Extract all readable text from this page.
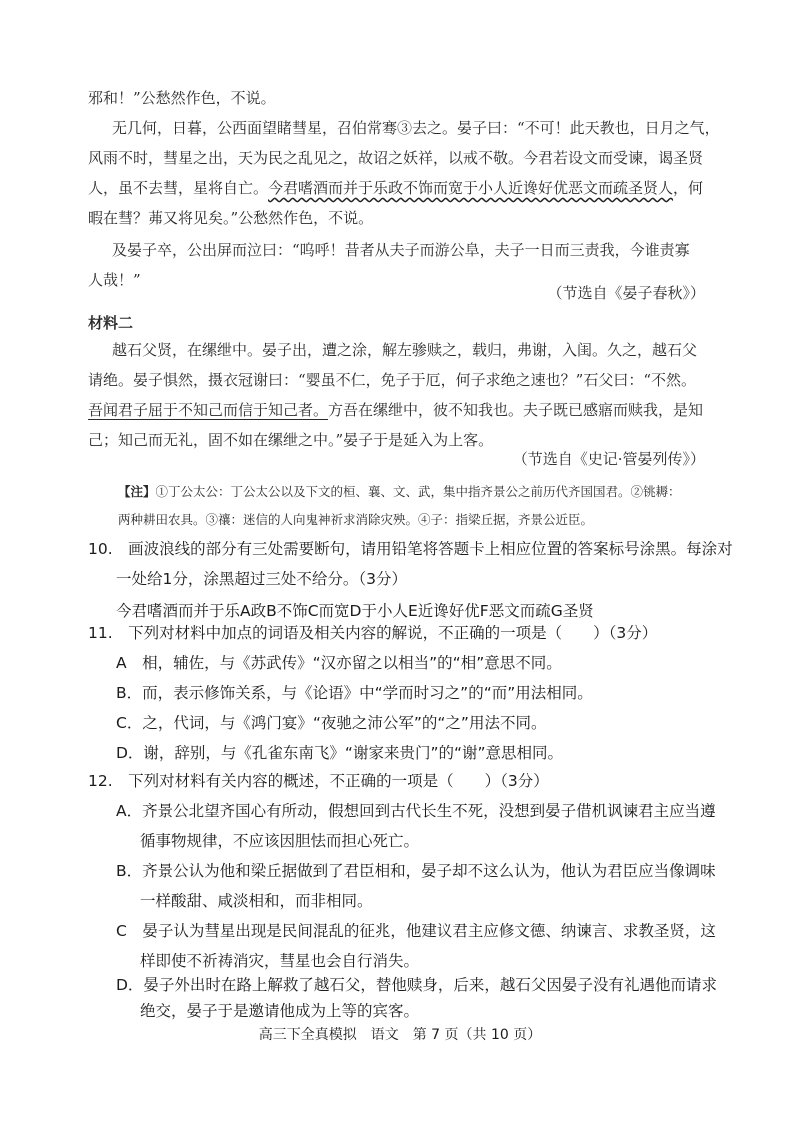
邪和！”公愁然作色，不说。
无几何，日暮，公西面望睹彗星，召伯常骞③去之。晏子曰：“不可！此天教也，日月之气，
风雨不时，彗星之出，天为民之乱见之，故诏之妖祥，以戒不敬。今君若设文而受谏，谒圣贤
人，虽不去彗，星将自亡。今君嗜酒而并于乐政不饰而宽于小人近谗好优恶文而疏圣贤人，何
暇在彗？茀又将见矣。”公愁然作色，不说。
及晏子卒，公出屏而泣曰：“呜呼！昔者从夫子而游公阜，夫子一日而三责我，今谁责寡
人哉！”
（节选自《晏子春秋》）
材料二
越石父贤，在缧绁中。晏子出，遭之涂，解左骖赎之，载归，弗谢，入闺。久之，越石父
请绝。晏子惧然，摄衣冠谢曰：“婴虽不仁，免子于厄，何子求绝之速也？”石父曰：“不然。
吾闻君子屈于不知己而信于知己者。方吾在缧绁中，彼不知我也。夫子既已感寤而赎我，是知
己；知己而无礼，固不如在缧绁之中。”晏子于是延入为上客。
（节选自《史记·管晏列传》）
【注】①丁公太公：丁公太公以及下文的桓、襄、文、武，集中指齐景公之前历代齐国国君。②铫耨：
两种耕田农具。③禳：迷信的人向鬼神祈求消除灾殃。④子：指梁丘据，齐景公近臣。
10.　画波浪线的部分有三处需要断句，请用铅笔将答题卡上相应位置的答案标号涂黑。每涂对
一处给1分，涂黑超过三处不给分。（3分）
今君嗜酒而并于乐A政B不饰C而宽D于小人E近谗好优F恶文而疏G圣贤
11.　下列对材料中加点的词语及相关内容的解说，不正确的一项是（　　）（3分）
A　相，辅佐，与《苏武传》“汉亦留之以相当”的“相”意思不同。
B．而，表示修饰关系，与《论语》中“学而时习之”的“而”用法相同。
C．之，代词，与《鸿门宴》“夜驰之沛公军”的“之”用法不同。
D．谢，辞别，与《孔雀东南飞》“谢家来贵门”的“谢”意思相同。
12.　下列对材料有关内容的概述，不正确的一项是（　　）（3分）
A．齐景公北望齐国心有所动，假想回到古代长生不死，没想到晏子借机讽谏君主应当遵
循事物规律，不应该因胆怯而担心死亡。
B．齐景公认为他和梁丘据做到了君臣相和，晏子却不这么认为，他认为君臣应当像调味
一样酸甜、咸淡相和，而非相同。
C　晏子认为彗星出现是民间混乱的征兆，他建议君主应修文德、纳谏言、求教圣贤，这
样即使不祈祷消灾，彗星也会自行消失。
D．晏子外出时在路上解救了越石父，替他赎身，后来，越石父因晏子没有礼遇他而请求
绝交，晏子于是邀请他成为上等的宾客。
高三下全真模拟　语文　第 7 页（共 10 页）
